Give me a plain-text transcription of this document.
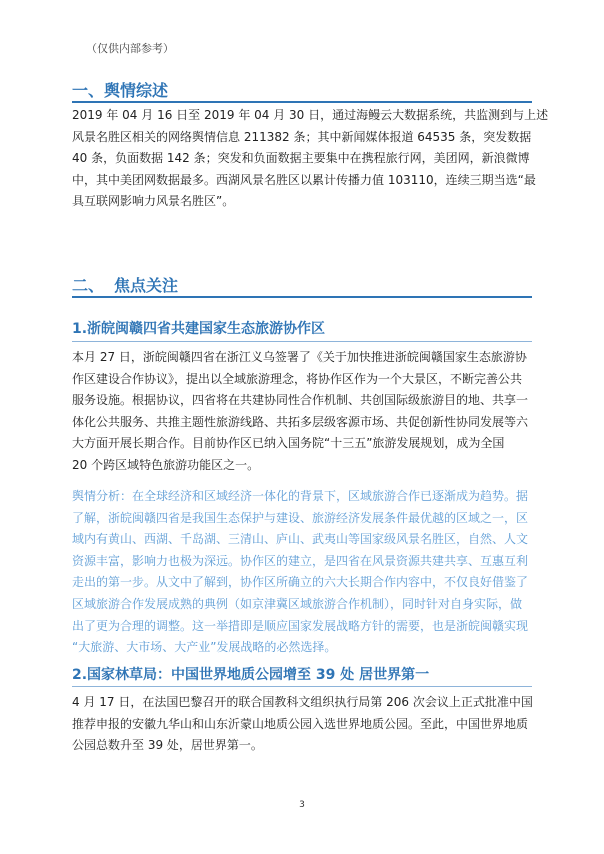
（仅供内部参考）
一、舆情综述
2019 年 04 月 16 日至 2019 年 04 月 30 日，通过海鳗云大数据系统，共监测到与上述
风景名胜区相关的网络舆情信息 211382 条；其中新闻媒体报道 64535 条，突发数据
40 条，负面数据 142 条；突发和负面数据主要集中在携程旅行网，美团网，新浪微博
中，其中美团网数据最多。西湖风景名胜区以累计传播力值 103110，连续三期当选“最
具互联网影响力风景名胜区”。
二、 焦点关注
1.浙皖闽赣四省共建国家生态旅游协作区
本月 27 日，浙皖闽赣四省在浙江义乌签署了《关于加快推进浙皖闽赣国家生态旅游协
作区建设合作协议》，提出以全域旅游理念，将协作区作为一个大景区，不断完善公共
服务设施。根据协议，四省将在共建协同性合作机制、共创国际级旅游目的地、共享一
体化公共服务、共推主题性旅游线路、共拓多层级客源市场、共促创新性协同发展等六
大方面开展长期合作。目前协作区已纳入国务院“十三五”旅游发展规划，成为全国
20 个跨区域特色旅游功能区之一。
舆情分析：在全球经济和区域经济一体化的背景下，区域旅游合作已逐渐成为趋势。据
了解，浙皖闽赣四省是我国生态保护与建设、旅游经济发展条件最优越的区域之一，区
域内有黄山、西湖、千岛湖、三清山、庐山、武夷山等国家级风景名胜区，自然、人文
资源丰富，影响力也极为深远。协作区的建立，是四省在风景资源共建共享、互惠互利
走出的第一步。从文中了解到，协作区所确立的六大长期合作内容中，不仅良好借鉴了
区域旅游合作发展成熟的典例（如京津冀区域旅游合作机制），同时针对自身实际，做
出了更为合理的调整。这一举措即是顺应国家发展战略方针的需要，也是浙皖闽赣实现
“大旅游、大市场、大产业”发展战略的必然选择。
2.国家林草局：中国世界地质公园增至 39 处 居世界第一
4 月 17 日，在法国巴黎召开的联合国教科文组织执行局第 206 次会议上正式批准中国
推荐申报的安徽九华山和山东沂蒙山地质公园入选世界地质公园。至此，中国世界地质
公园总数升至 39 处，居世界第一。
3
